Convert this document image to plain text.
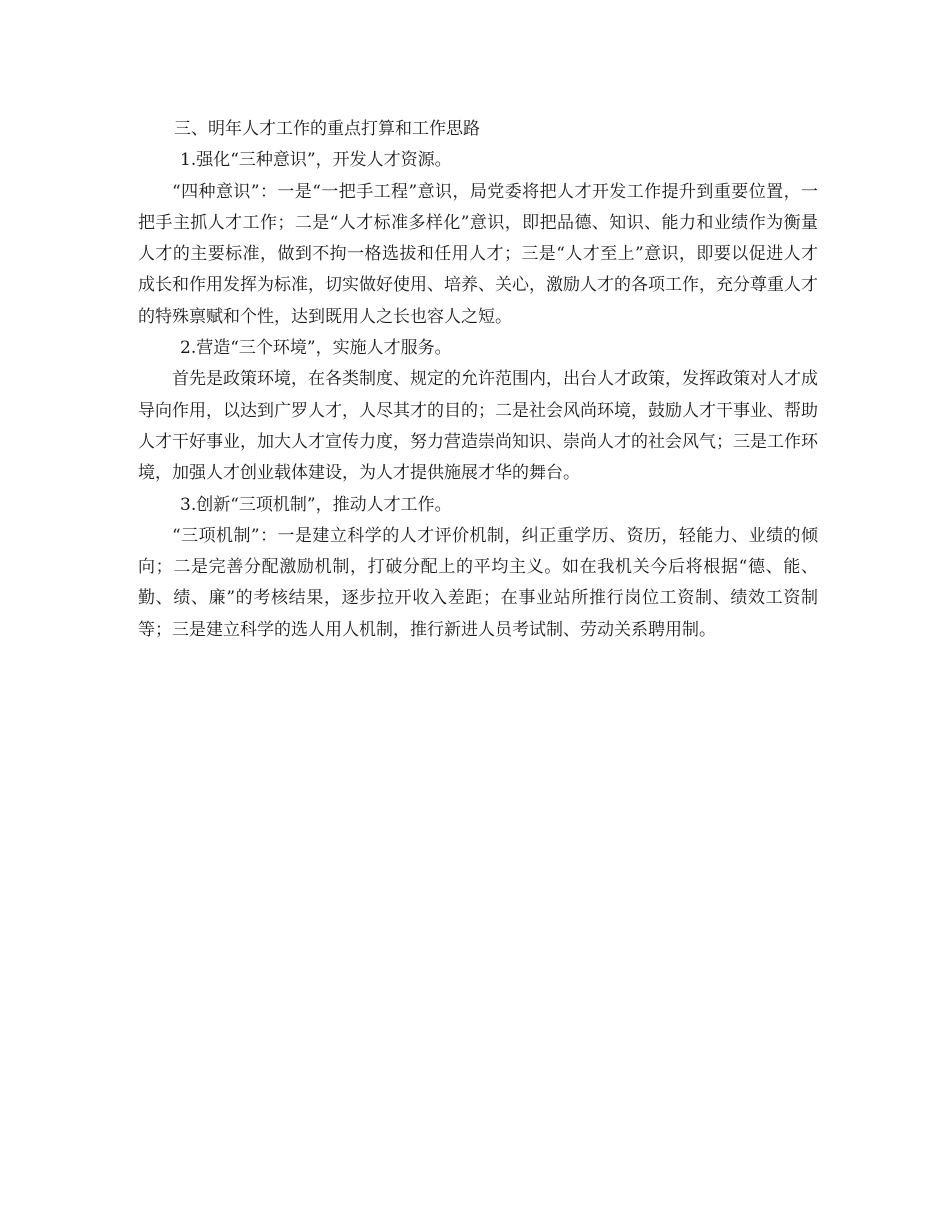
三、明年人才工作的重点打算和工作思路

1.强化“三种意识”，开发人才资源。

“四种意识”：一是“一把手工程”意识，局党委将把人才开发工作提升到重要位置，一把手主抓人才工作；二是“人才标准多样化”意识，即把品德、知识、能力和业绩作为衡量人才的主要标准，做到不拘一格选拔和任用人才；三是“人才至上”意识，即要以促进人才成长和作用发挥为标准，切实做好使用、培养、关心，激励人才的各项工作，充分尊重人才的特殊禀赋和个性，达到既用人之长也容人之短。

2.营造“三个环境”，实施人才服务。

首先是政策环境，在各类制度、规定的允许范围内，出台人才政策，发挥政策对人才成导向作用，以达到广罗人才，人尽其才的目的；二是社会风尚环境，鼓励人才干事业、帮助人才干好事业，加大人才宣传力度，努力营造崇尚知识、崇尚人才的社会风气；三是工作环境，加强人才创业载体建设，为人才提供施展才华的舞台。

3.创新“三项机制”，推动人才工作。

“三项机制”：一是建立科学的人才评价机制，纠正重学历、资历，轻能力、业绩的倾向；二是完善分配激励机制，打破分配上的平均主义。如在我机关今后将根据“德、能、勤、绩、廉”的考核结果，逐步拉开收入差距；在事业站所推行岗位工资制、绩效工资制等；三是建立科学的选人用人机制，推行新进人员考试制、劳动关系聘用制。
